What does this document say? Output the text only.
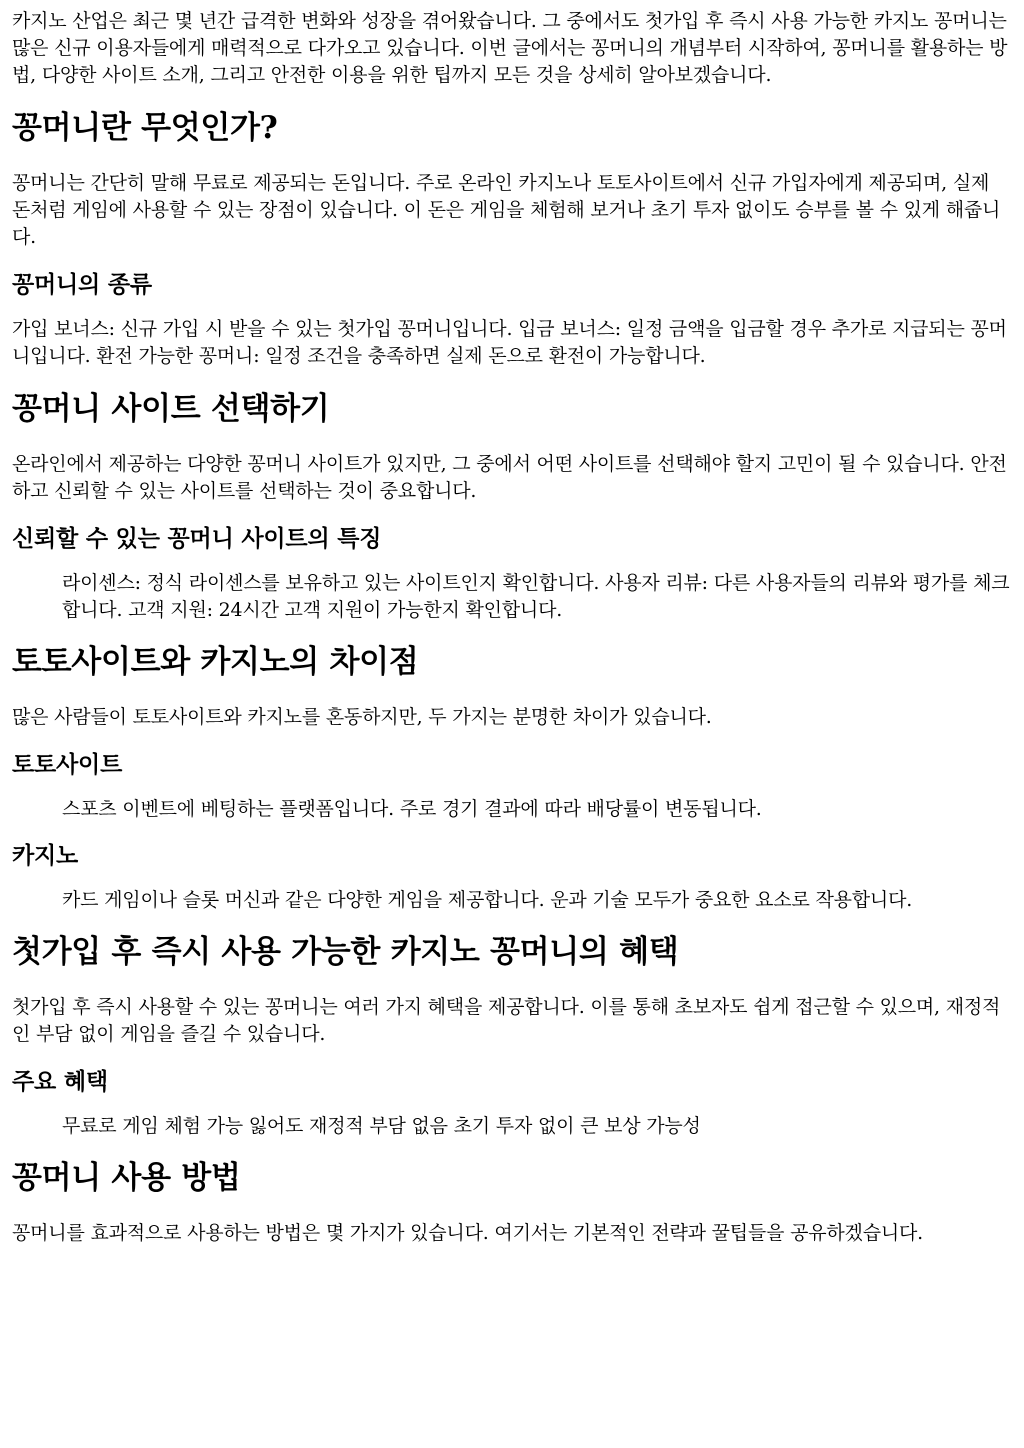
카지노 산업은 최근 몇 년간 급격한 변화와 성장을 겪어왔습니다. 그 중에서도 첫가입 후 즉시 사용 가능한 카지노 꽁머니는 많은 신규 이용자들에게 매력적으로 다가오고 있습니다. 이번 글에서는 꽁머니의 개념부터 시작하여, 꽁머니를 활용하는 방법, 다양한 사이트 소개, 그리고 안전한 이용을 위한 팁까지 모든 것을 상세히 알아보겠습니다.

꽁머니란 무엇인가?

꽁머니는 간단히 말해 무료로 제공되는 돈입니다. 주로 온라인 카지노나 토토사이트에서 신규 가입자에게 제공되며, 실제 돈처럼 게임에 사용할 수 있는 장점이 있습니다. 이 돈은 게임을 체험해 보거나 초기 투자 없이도 승부를 볼 수 있게 해줍니다.

꽁머니의 종류

가입 보너스: 신규 가입 시 받을 수 있는 첫가입 꽁머니입니다. 입금 보너스: 일정 금액을 입금할 경우 추가로 지급되는 꽁머니입니다. 환전 가능한 꽁머니: 일정 조건을 충족하면 실제 돈으로 환전이 가능합니다.

꽁머니 사이트 선택하기

온라인에서 제공하는 다양한 꽁머니 사이트가 있지만, 그 중에서 어떤 사이트를 선택해야 할지 고민이 될 수 있습니다. 안전하고 신뢰할 수 있는 사이트를 선택하는 것이 중요합니다.

신뢰할 수 있는 꽁머니 사이트의 특징
라이센스: 정식 라이센스를 보유하고 있는 사이트인지 확인합니다. 사용자 리뷰: 다른 사용자들의 리뷰와 평가를 체크합니다. 고객 지원: 24시간 고객 지원이 가능한지 확인합니다.
토토사이트와 카지노의 차이점

많은 사람들이 토토사이트와 카지노를 혼동하지만, 두 가지는 분명한 차이가 있습니다.

토토사이트
스포츠 이벤트에 베팅하는 플랫폼입니다. 주로 경기 결과에 따라 배당률이 변동됩니다.
카지노
카드 게임이나 슬롯 머신과 같은 다양한 게임을 제공합니다. 운과 기술 모두가 중요한 요소로 작용합니다.
첫가입 후 즉시 사용 가능한 카지노 꽁머니의 혜택

첫가입 후 즉시 사용할 수 있는 꽁머니는 여러 가지 혜택을 제공합니다. 이를 통해 초보자도 쉽게 접근할 수 있으며, 재정적인 부담 없이 게임을 즐길 수 있습니다.

주요 혜택
무료로 게임 체험 가능 잃어도 재정적 부담 없음 초기 투자 없이 큰 보상 가능성
꽁머니 사용 방법

꽁머니를 효과적으로 사용하는 방법은 몇 가지가 있습니다. 여기서는 기본적인 전략과 꿀팁들을 공유하겠습니다.
